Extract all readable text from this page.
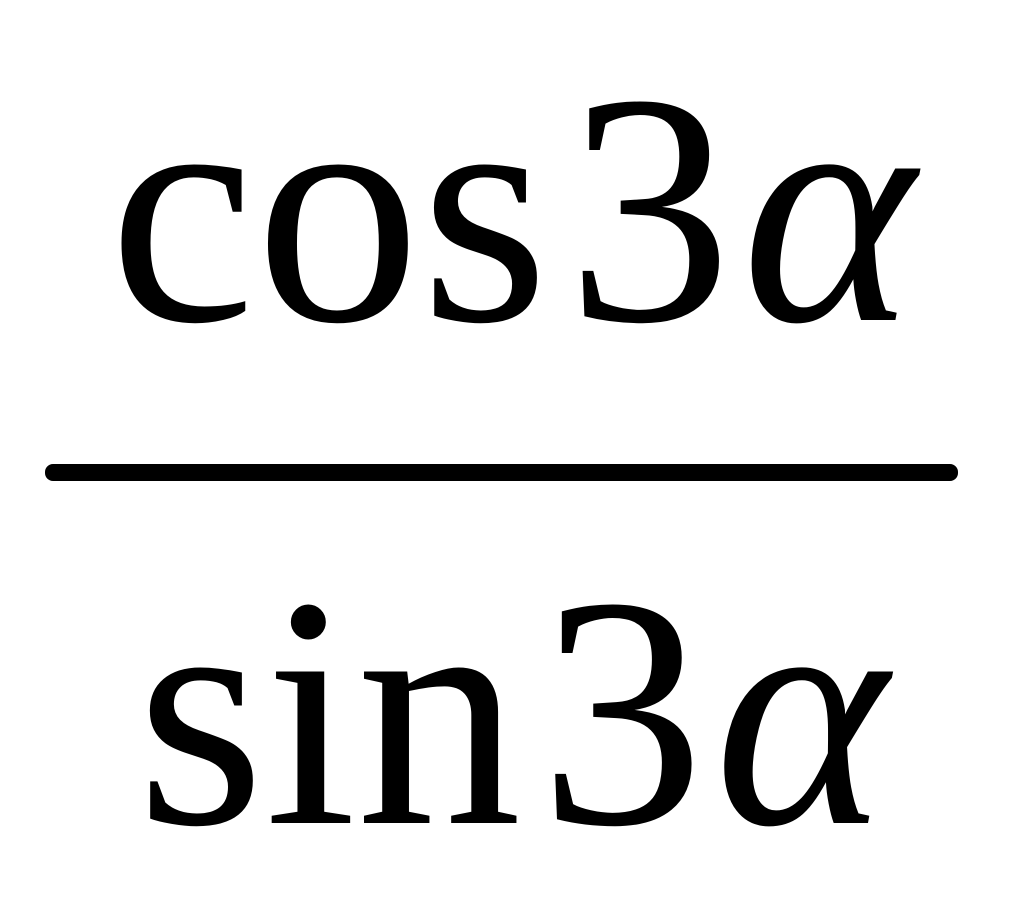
cos3α
sin3α
